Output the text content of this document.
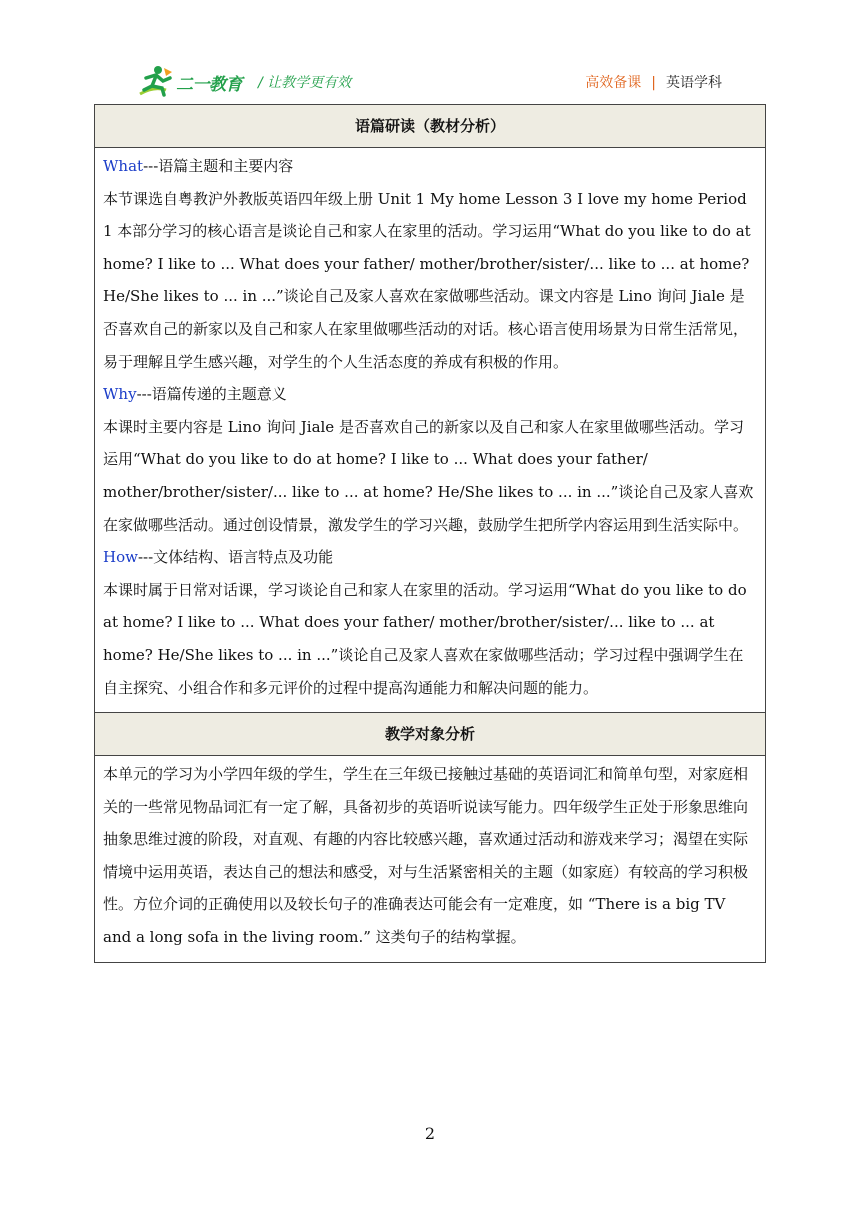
二一教育 / 让教学更有效	高效备课 | 英语学科
语篇研读（教材分析）

What---语篇主题和主要内容

本节课选自粤教沪外教版英语四年级上册 Unit 1 My home Lesson 3 I love my home Period 1 本部分学习的核心语言是谈论自己和家人在家里的活动。学习运用“What do you like to do at home? I like to ... What does your father/ mother/brother/sister/... like to ... at home? He/She likes to ... in ...”谈论自己及家人喜欢在家做哪些活动。课文内容是 Lino 询问 Jiale 是否喜欢自己的新家以及自己和家人在家里做哪些活动的对话。核心语言使用场景为日常生活常见，易于理解且学生感兴趣，对学生的个人生活态度的养成有积极的作用。

Why---语篇传递的主题意义

本课时主要内容是 Lino 询问 Jiale 是否喜欢自己的新家以及自己和家人在家里做哪些活动。学习运用“What do you like to do at home? I like to ... What does your father/ mother/brother/sister/... like to ... at home? He/She likes to ... in ...”谈论自己及家人喜欢在家做哪些活动。通过创设情景，激发学生的学习兴趣，鼓励学生把所学内容运用到生活实际中。

How---文体结构、语言特点及功能

本课时属于日常对话课，学习谈论自己和家人在家里的活动。学习运用“What do you like to do at home? I like to ... What does your father/ mother/brother/sister/... like to ... at home? He/She likes to ... in ...”谈论自己及家人喜欢在家做哪些活动；学习过程中强调学生在自主探究、小组合作和多元评价的过程中提高沟通能力和解决问题的能力。

教学对象分析

本单元的学习为小学四年级的学生，学生在三年级已接触过基础的英语词汇和简单句型，对家庭相关的一些常见物品词汇有一定了解，具备初步的英语听说读写能力。四年级学生正处于形象思维向抽象思维过渡的阶段，对直观、有趣的内容比较感兴趣，喜欢通过活动和游戏来学习；渴望在实际情境中运用英语，表达自己的想法和感受，对与生活紧密相关的主题（如家庭）有较高的学习积极性。方位介词的正确使用以及较长句子的准确表达可能会有一定难度，如 “There is a big TV and a long sofa in the living room.” 这类句子的结构掌握。

2
